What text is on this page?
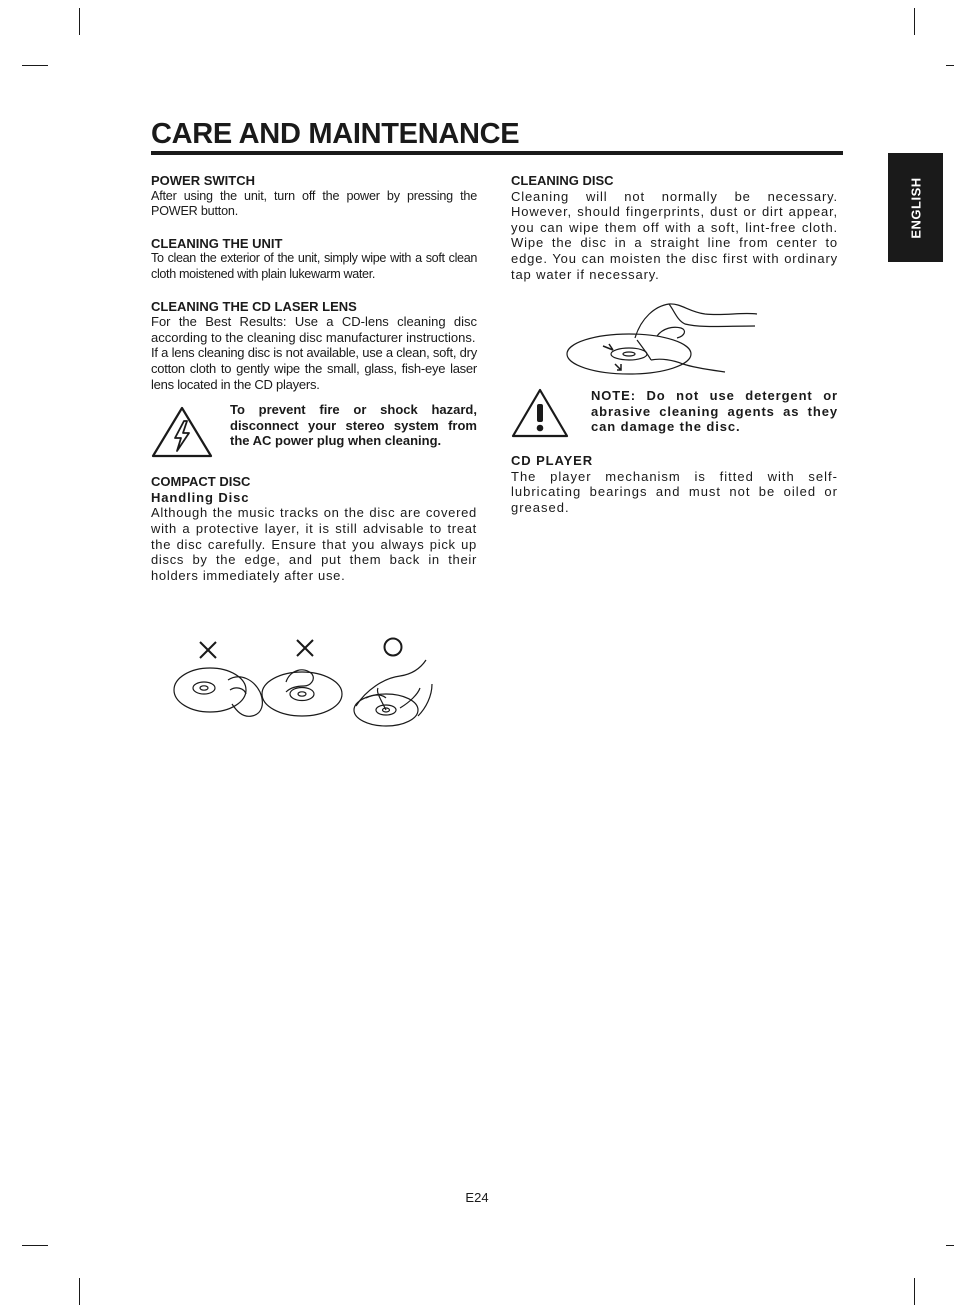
CARE AND MAINTENANCE
ENGLISH

POWER SWITCH

After using the unit, turn off the power by pressing the POWER button.

CLEANING THE UNIT

To clean the exterior of the unit, simply wipe with a soft clean cloth moistened with plain lukewarm water.

CLEANING THE CD LASER LENS

For the Best Results: Use a CD-lens cleaning disc according to the cleaning disc manufacturer instructions.

If a lens cleaning disc is not available, use a clean, soft, dry cotton cloth to gently wipe the small, glass, fish-eye laser lens located in the CD players.

To prevent fire or shock hazard, disconnect your stereo system from the AC power plug when cleaning.

COMPACT DISC

Handling Disc

Although the music tracks on the disc are covered with a protective layer, it is still advisable to treat the disc carefully. Ensure that you always pick up discs by the edge, and put them back in their holders immediately after use.

CLEANING DISC

Cleaning will not normally be necessary. However, should fingerprints, dust or dirt appear, you can wipe them off with a soft, lint-free cloth. Wipe the disc in a straight line from center to edge. You can moisten the disc first with ordinary tap water if necessary.

NOTE: Do not use detergent or abrasive cleaning agents as they can damage the disc.

CD PLAYER

The player mechanism is fitted with self-lubricating bearings and must not be oiled or greased.

E24
